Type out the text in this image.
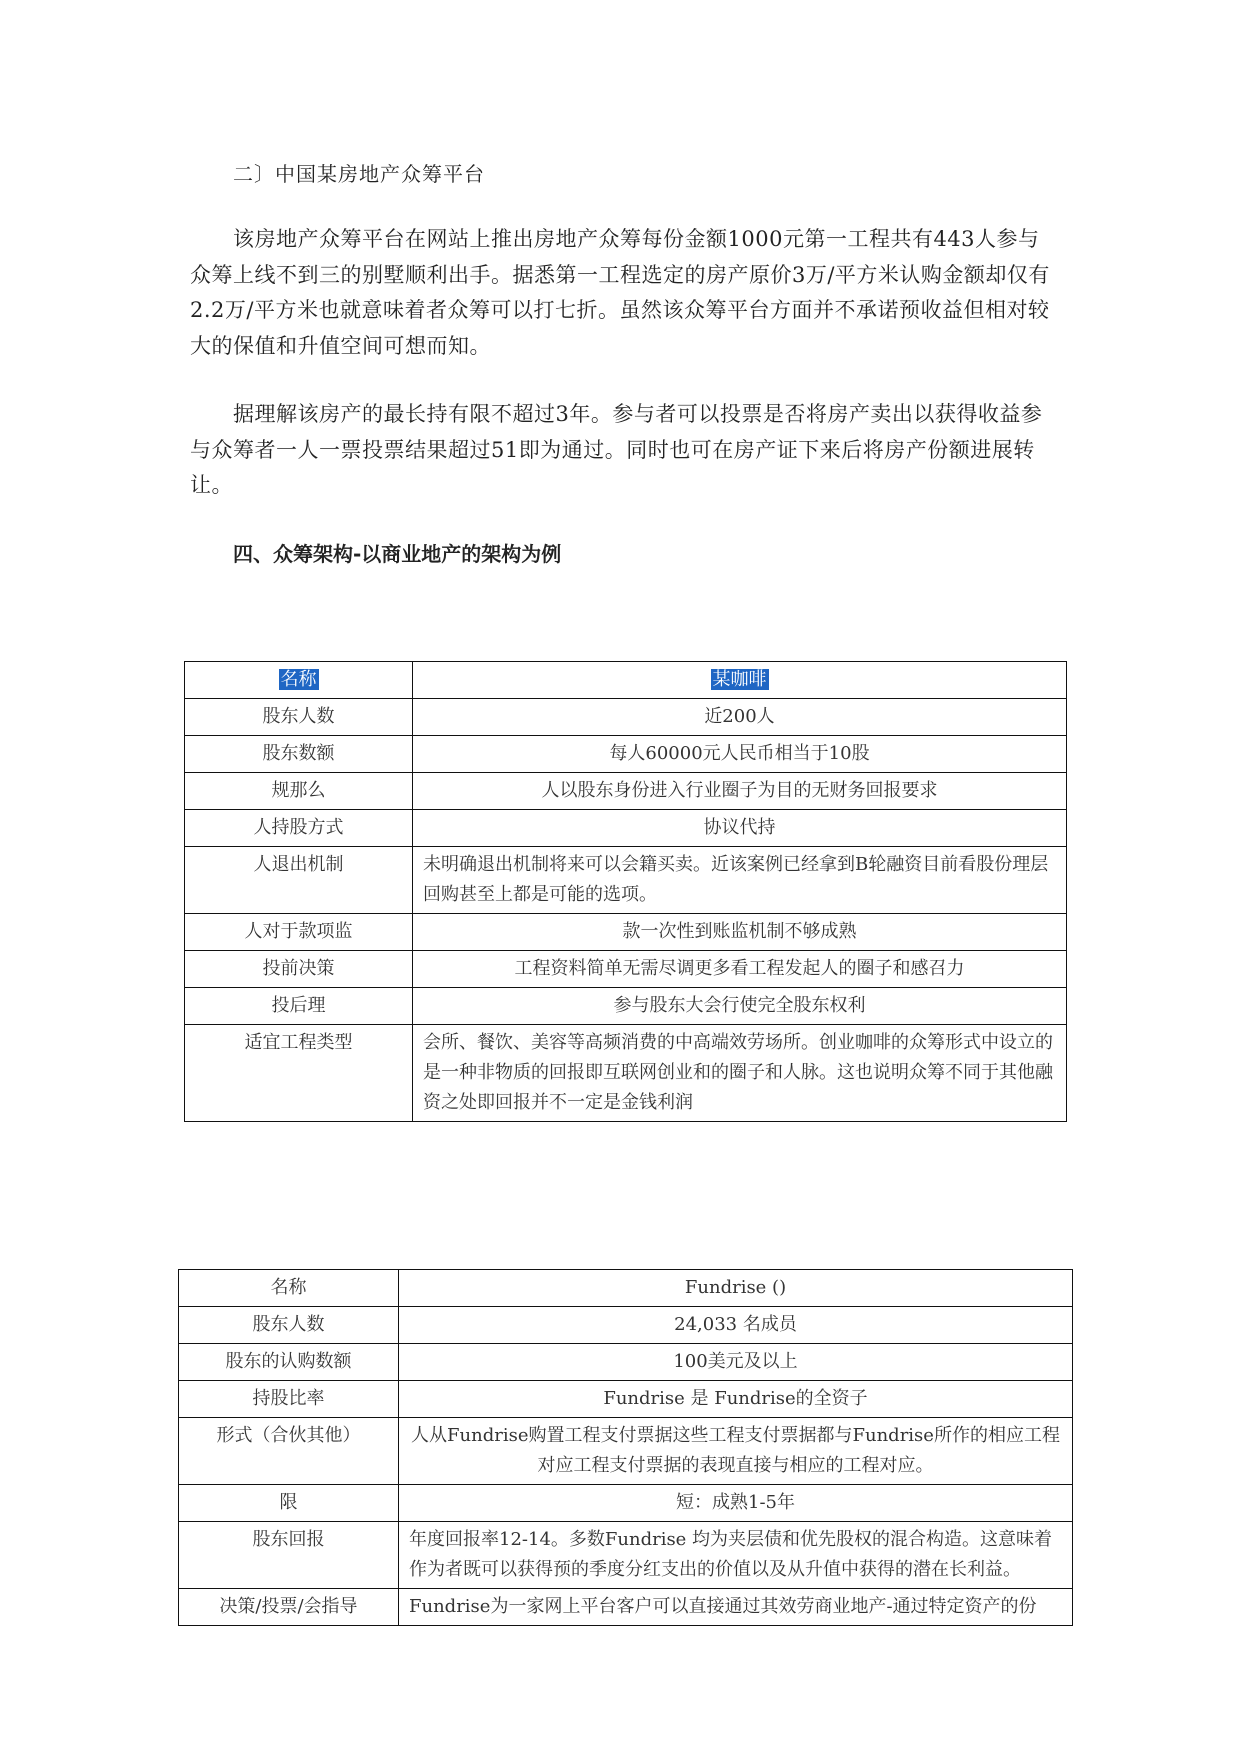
二〕中国某房地产众筹平台

该房地产众筹平台在网站上推出房地产众筹每份金额1000元第一工程共有443人参与众筹上线不到三的别墅顺利出手。据悉第一工程选定的房产原价3万/平方米认购金额却仅有2.2万/平方米也就意味着者众筹可以打七折。虽然该众筹平台方面并不承诺预收益但相对较大的保值和升值空间可想而知。

据理解该房产的最长持有限不超过3年。参与者可以投票是否将房产卖出以获得收益参与众筹者一人一票投票结果超过51即为通过。同时也可在房产证下来后将房产份额进展转让。

四、众筹架构-以商业地产的架构为例
名称	某咖啡
股东人数	近200人
股东数额	每人60000元人民币相当于10股
规那么	人以股东身份进入行业圈子为目的无财务回报要求
人持股方式	协议代持
人退出机制	未明确退出机制将来可以会籍买卖。近该案例已经拿到B轮融资目前看股份理层回购甚至上都是可能的选项。
人对于款项监	款一次性到账监机制不够成熟
投前决策	工程资料简单无需尽调更多看工程发起人的圈子和感召力
投后理	参与股东大会行使完全股东权利
适宜工程类型	会所、餐饮、美容等高频消费的中高端效劳场所。创业咖啡的众筹形式中设立的是一种非物质的回报即互联网创业和的圈子和人脉。这也说明众筹不同于其他融资之处即回报并不一定是金钱利润
名称	Fundrise ()
股东人数	24,033 名成员
股东的认购数额	100美元及以上
持股比率	Fundrise 是 Fundrise的全资子
形式（合伙其他）	人从Fundrise购置工程支付票据这些工程支付票据都与Fundrise所作的相应工程对应工程支付票据的表现直接与相应的工程对应。
限	短：成熟1-5年
股东回报	年度回报率12-14。多数Fundrise 均为夹层债和优先股权的混合构造。这意味着作为者既可以获得预的季度分红支出的价值以及从升值中获得的潜在长利益。
决策/投票/会指导	Fundrise为一家网上平台客户可以直接通过其效劳商业地产-通过特定资产的份
